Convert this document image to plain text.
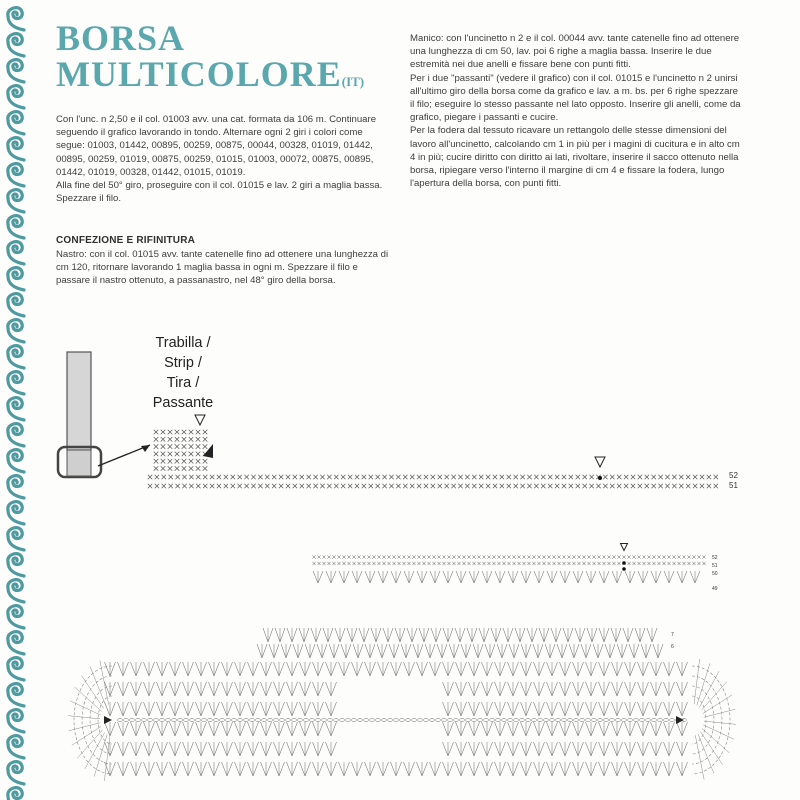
BORSA
MULTICOLORE(IT)

Con l'unc. n 2,50 e il col. 01003 avv. una cat. formata da 106 m. Continuare seguendo il grafico lavorando in tondo. Alternare ogni 2 giri i colori come segue: 01003, 01442, 00895, 00259, 00875, 00044, 00328, 01019, 01442, 00895, 00259, 01019, 00875, 00259, 01015, 01003, 00072, 00875, 00895, 01442, 01019, 00328, 01442, 01015, 01019.

Alla fine del 50° giro, proseguire con il col. 01015 e lav. 2 giri a maglia bassa. Spezzare il filo.

CONFEZIONE E RIFINITURA

Nastro: con il col. 01015 avv. tante catenelle fino ad ottenere una lunghezza di cm 120, ritornare lavorando 1 maglia bassa in ogni m. Spezzare il filo e passare il nastro ottenuto, a passanastro, nel 48° giro della borsa.

Manico: con l'uncinetto n 2 e il col. 00044 avv. tante catenelle fino ad ottenere una lunghezza di cm 50, lav. poi 6 righe a maglia bassa. Inserire le due estremità nei due anelli e fissare bene con punti fitti.

Per i due "passanti" (vedere il grafico) con il col. 01015 e l'uncinetto n 2 unirsi all'ultimo giro della borsa come da grafico e lav. a m. bs. per 6 righe spezzare il filo; eseguire lo stesso passante nel lato opposto. Inserire gli anelli, come da grafico, piegare i passanti e cucire.

Per la fodera dal tessuto ricavare un rettangolo delle stesse dimensioni del lavoro all'uncinetto, calcolando cm 1 in più per i magini di cucitura e in alto cm 4 in più; cucire diritto con diritto ai lati, rivoltare, inserire il sacco ottenuto nella borsa, ripiegare verso l'interno il margine di cm 4 e fissare la fodera, lungo l'apertura della borsa, con punti fitti.

Trabilla /
Strip /
Tira /
Passante
52
51
52
51
50
49
7
6
